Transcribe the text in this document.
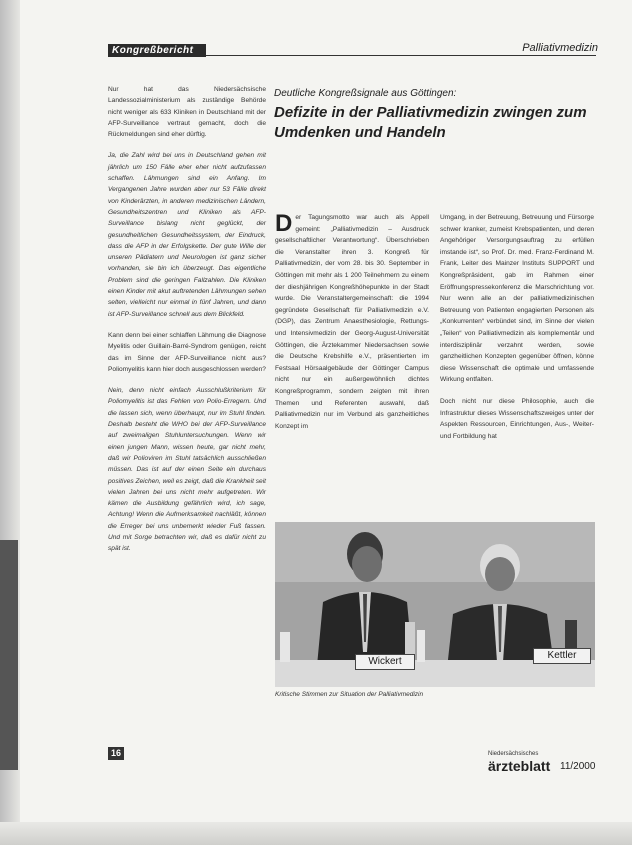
Kongreßbericht	Palliativmedizin

Nur hat das Niedersächsische Landessozialministerium als zuständige Behörde nicht weniger als 633 Kliniken in Deutschland mit der AFP-Surveillance vertraut gemacht, doch die Rückmeldungen sind eher dürftig.

Ja, die Zahl wird bei uns in Deutschland gehen mit jährlich um 150 Fälle eher eher nicht aufzufassen schaffen. Lähmungen sind ein Anfang. Im Vergangenen Jahre wurden aber nur 53 Fälle direkt von Kinderärzten, in anderen medizinischen Ländern, Gesundheitszentren und Kliniken als AFP-Surveillance bislang nicht geglückt, der gesundheitlichen Gesundheitssystem, der Eindruck, dass die AFP in der Erfolgskette. Der gute Wille der unseren Pädiatern und Neurologen ist ganz sicher vorhanden, sie bin ich überzeugt. Das eigentliche Problem sind die geringen Fallzahlen. Die Kliniken einen Kinder mit akut auftretenden Lähmungen sehen selten, vielleicht nur einmal in fünf Jahren, und dann ist AFP-Surveillance schnell aus dem Blickfeld.

Kann denn bei einer schlaffen Lähmung die Diagnose Myelitis oder Guillain-Barré-Syndrom genügen, reicht das im Sinne der AFP-Surveillance nicht aus? Poliomyelitis kann hier doch ausgeschlossen werden?

Nein, denn nicht einfach Ausschlußkriterium für Poliomyelitis ist das Fehlen von Polio-Erregern. Und die lassen sich, wenn überhaupt, nur im Stuhl finden. Deshalb besteht die WHO bei der AFP-Surveillance auf zweimaligen Stuhluntersuchungen. Wenn wir einen jungen Mann, wissen heute, gar nicht mehr, daß wir Polioviren im Stuhl tatsächlich ausschließen müssen. Das ist auf der einen Seite ein durchaus positives Zeichen, weil es zeigt, daß die Krankheit seit vielen Jahren bei uns nicht mehr aufgetreten. Wir kämen die Ausbildung gefährlich wird, ich sage, Achtung! Wenn die Aufmerksamkeit nachläßt, können die Erreger bei uns unbemerkt wieder Fuß fassen. Und mit Sorge betrachten wir, daß es dafür nicht zu spät ist.

Deutliche Kongreßsignale aus Göttingen:
Defizite in der Palliativmedizin zwingen zum Umdenken und Handeln

Der Tagungsmotto war auch als Appell gemeint: „Palliativmedizin – Ausdruck gesellschaftlicher Verantwortung“. Überschrieben die Veranstalter ihren 3. Kongreß für Palliativmedizin, der vom 28. bis 30. September in Göttingen mit mehr als 1 200 Teilnehmern zu einem der dieshjährigen Kongreßhöhepunkte in der Stadt wurde. Die Veranstaltergemeinschaft: die 1994 gegründete Gesellschaft für Palliativmedizin e.V. (DGP), das Zentrum Anaesthesiologie, Rettungs- und Intensivmedizin der Georg-August-Universität Göttingen, die Ärztekammer Niedersachsen sowie die Deutsche Krebshilfe e.V., präsentierten im Festsaal Hörsaalgebäude der Göttinger Campus nicht nur ein außergewöhnlich dichtes Kongreßprogramm, sondern zeigten mit ihren Themen und Referenten auswahl, daß Palliativmedizin nur im Verbund als ganzheitliches Konzept im

Umgang, in der Betreuung, Betreuung und Fürsorge schwer kranker, zumeist Krebspatienten, und deren Angehöriger Versorgungsauftrag zu erfüllen imstande ist“, so Prof. Dr. med. Franz-Ferdinand M. Frank, Leiter des Mainzer Instituts SUPPORT und Kongreßpräsident, gab im Rahmen einer Eröffnungspressekonferenz die Marschrichtung vor. Nur wenn alle an der palliativmedizinischen Betreuung von Patienten engagierten Personen als „Konkurrenten“ verbündet sind, im Sinne der vielen „Teilen“ von Palliativmedizin als komplementär und interdisziplinär verzahnt werden, sowie ganzheitlichen Konzepten gegenüber öffnen, könne diese Wissenschaft die optimale und umfassende Wirkung entfalten.

Doch nicht nur diese Philosophie, auch die Infrastruktur dieses Wissenschaftszweiges unter der Aspekten Ressourcen, Einrichtungen, Aus-, Weiter- und Fortbildung hat

Wickert
Kettler
Kritische Stimmen zur Situation der Palliativmedizin
16	Niedersächsisches
ärzteblatt 11/2000
